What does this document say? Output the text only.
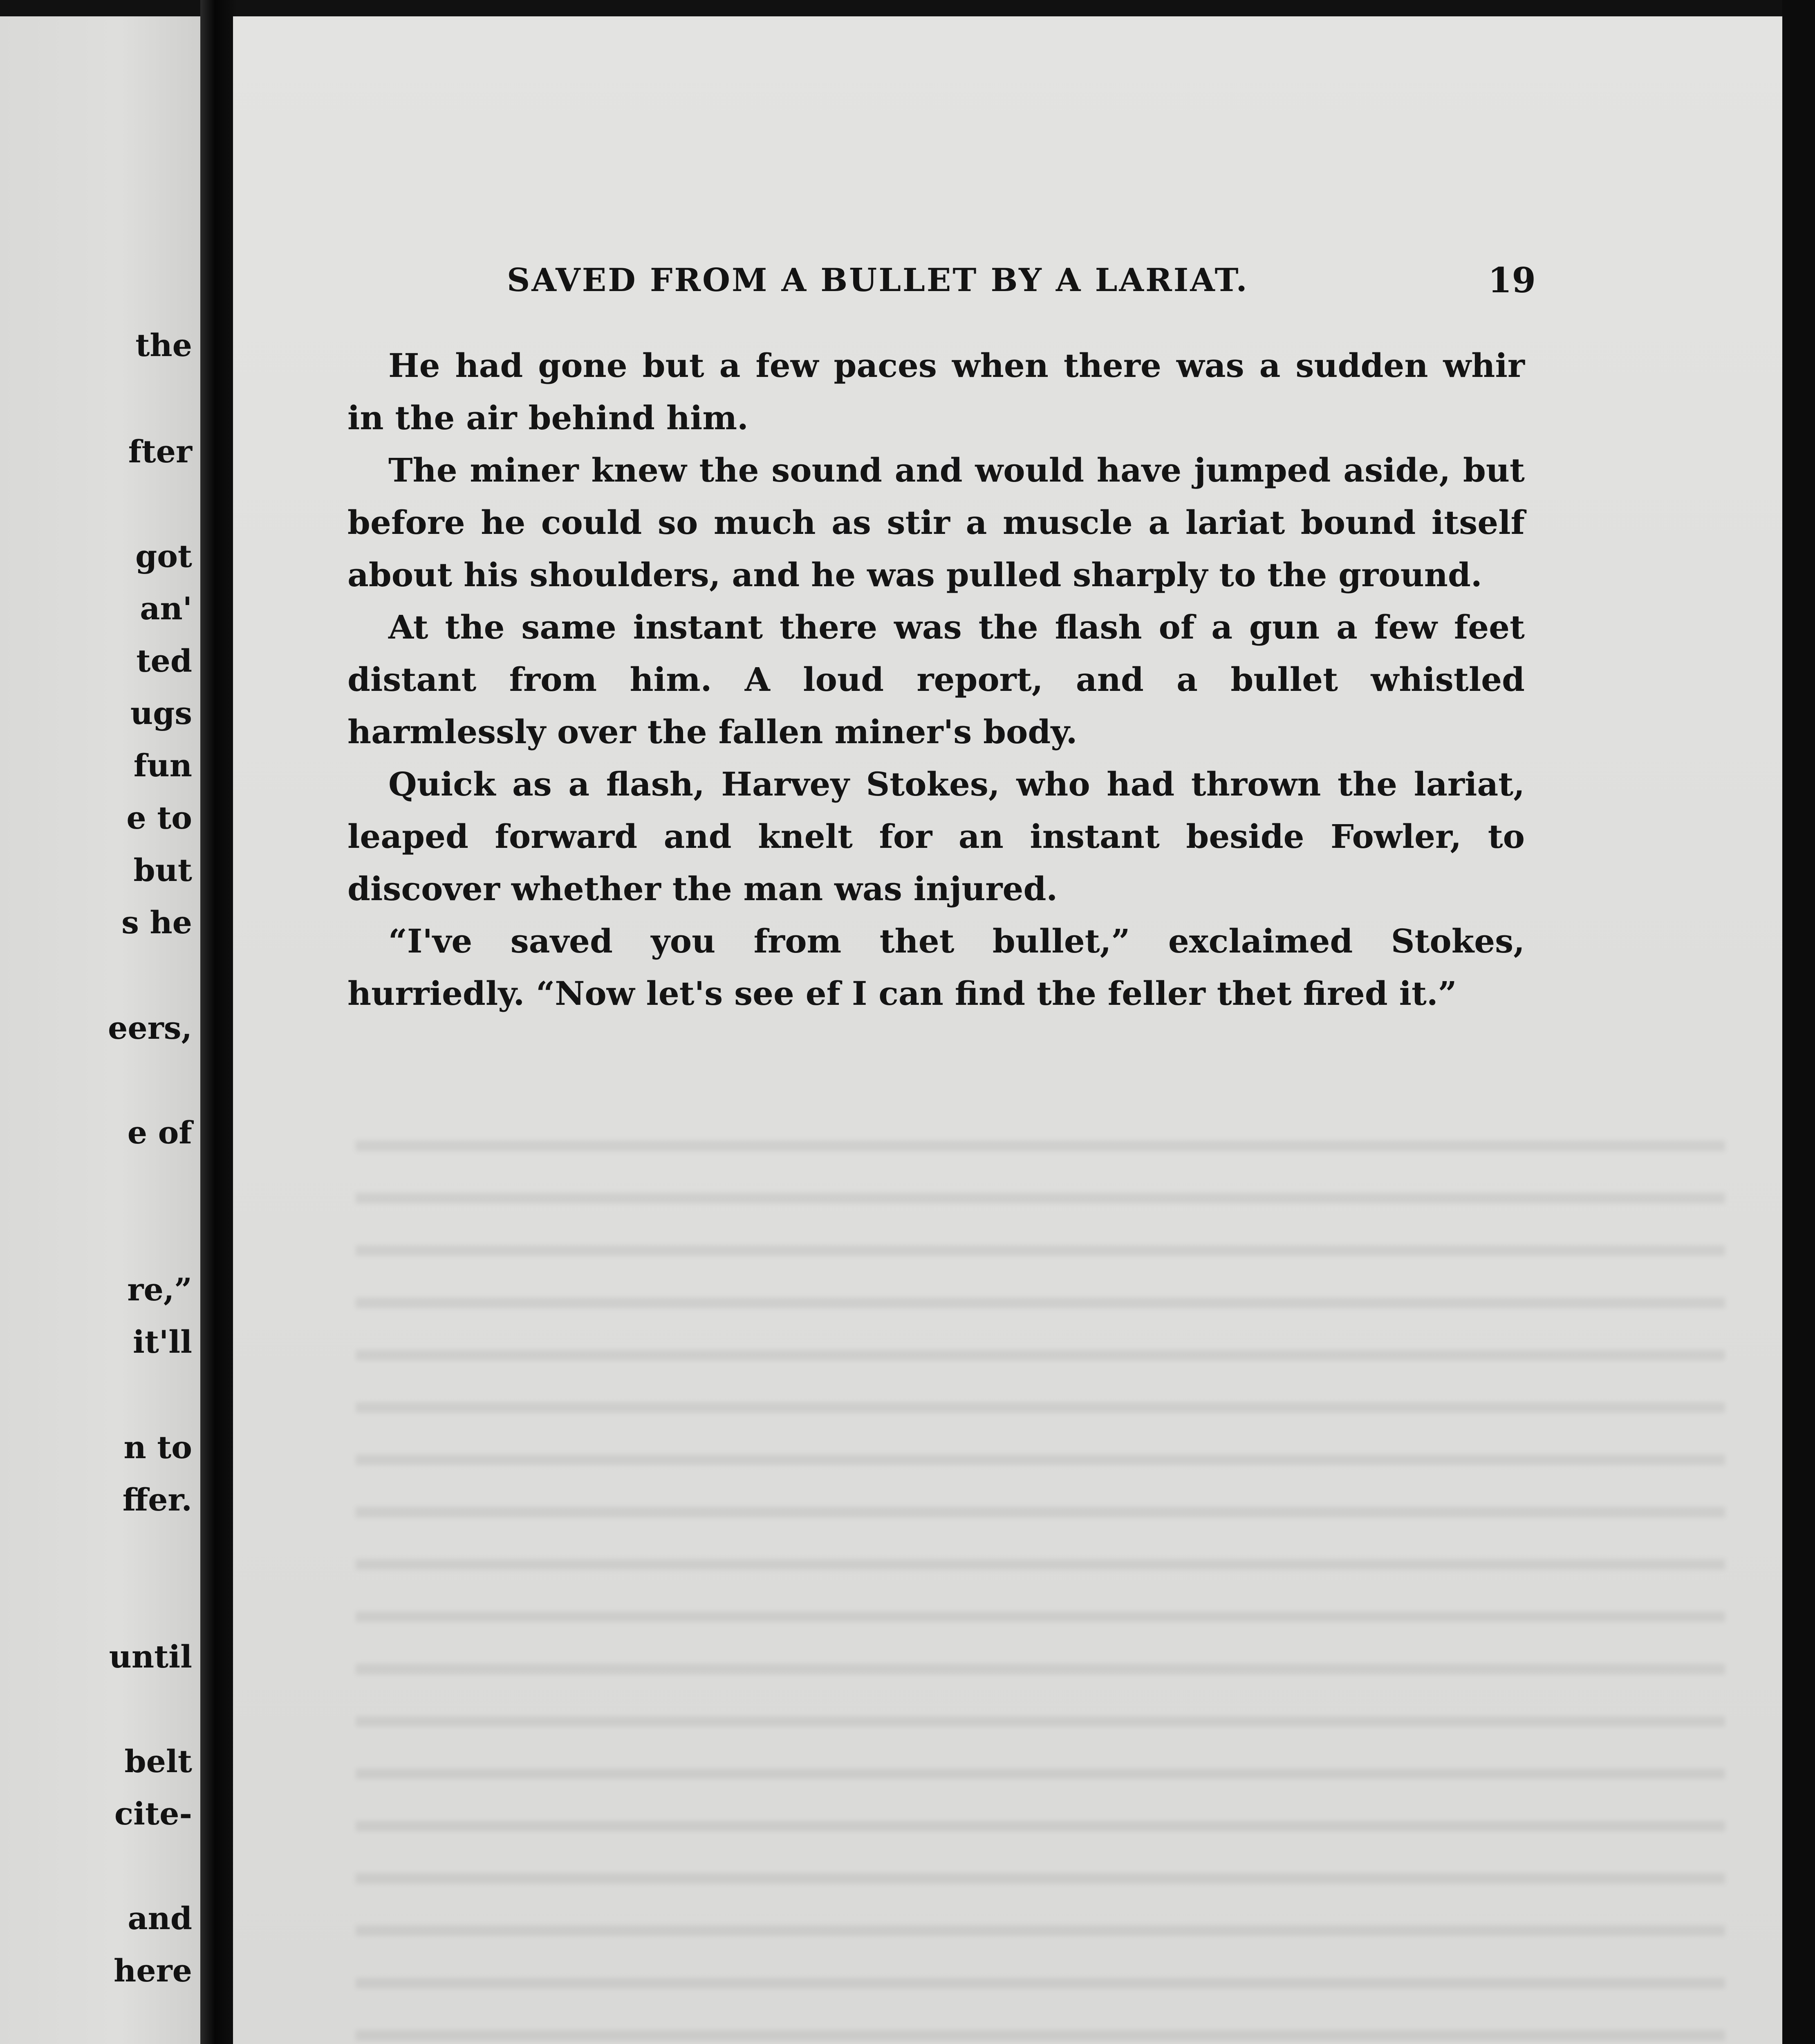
the
fter
got
an'
ted
ugs
fun
e to
but
s he
eers,
e of
re,”
it'll
n to
ffer.
until
belt
cite-
and
here
SAVED FROM A BULLET BY A LARIAT.	19

He had gone but a few paces when there was a sudden whir in the air behind him.

The miner knew the sound and would have jumped aside, but before he could so much as stir a muscle a lariat bound itself about his shoulders, and he was pulled sharply to the ground.

At the same instant there was the flash of a gun a few feet distant from him. A loud report, and a bullet whistled harmlessly over the fallen miner's body.

Quick as a flash, Harvey Stokes, who had thrown the lariat, leaped forward and knelt for an instant beside Fowler, to discover whether the man was injured.

“I've saved you from thet bullet,” exclaimed Stokes, hurriedly. “Now let's see ef I can find the feller thet fired it.”
